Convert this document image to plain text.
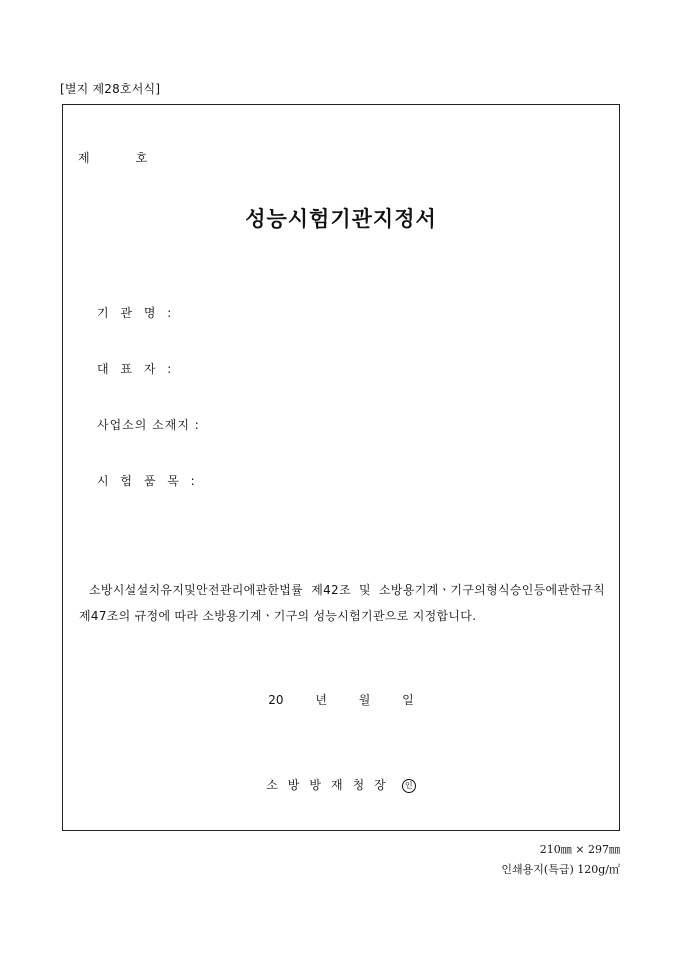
[별지 제28호서식]
제	호
성능시험기관지정서
기 관 명 :
대 표 자 :
사업소의 소재지 :
시 험 품 목 :
소방시설설치유지및안전관리에관한법률 제42조 및 소방용기계ㆍ기구의형식승인등에관한규칙 제47조의 규정에 따라 소방용기계ㆍ기구의 성능시험기관으로 지정합니다.
20	년	월	일
소방방재청장 인
210㎜ × 297㎜
인쇄용지(특급) 120g/㎡
